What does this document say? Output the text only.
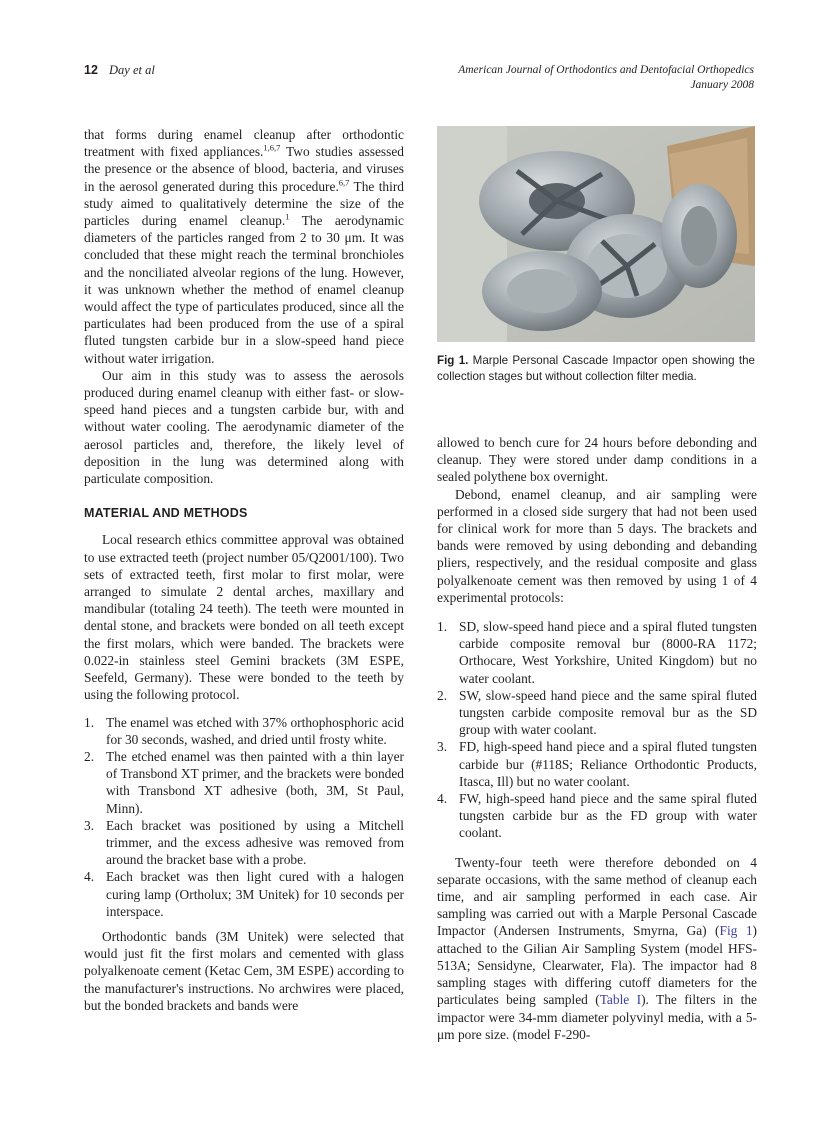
12 Day et al	American Journal of Orthodontics and Dentofacial Orthopedics
January 2008

that forms during enamel cleanup after orthodontic treatment with fixed appliances.$^{1,6,7}$ Two studies assessed the presence or the absence of blood, bacteria, and viruses in the aerosol generated during this procedure.$^{6,7}$ The third study aimed to qualitatively determine the size of the particles during enamel cleanup.$^1$ The aerodynamic diameters of the particles ranged from 2 to 30 μm. It was concluded that these might reach the terminal bronchioles and the nonciliated alveolar regions of the lung. However, it was unknown whether the method of enamel cleanup would affect the type of particulates produced, since all the particulates had been produced from the use of a spiral fluted tungsten carbide bur in a slow-speed hand piece without water irrigation.

Our aim in this study was to assess the aerosols produced during enamel cleanup with either fast- or slow-speed hand pieces and a tungsten carbide bur, with and without water cooling. The aerodynamic diameter of the aerosol particles and, therefore, the likely level of deposition in the lung was determined along with particulate composition.

MATERIAL AND METHODS

Local research ethics committee approval was obtained to use extracted teeth (project number 05/Q2001/100). Two sets of extracted teeth, first molar to first molar, were arranged to simulate 2 dental arches, maxillary and mandibular (totaling 24 teeth). The teeth were mounted in dental stone, and brackets were bonded on all teeth except the first molars, which were banded. The brackets were 0.022-in stainless steel Gemini brackets (3M ESPE, Seefeld, Germany). These were bonded to the teeth by using the following protocol.

1. The enamel was etched with 37% orthophosphoric acid for 30 seconds, washed, and dried until frosty white.
2. The etched enamel was then painted with a thin layer of Transbond XT primer, and the brackets were bonded with Transbond XT adhesive (both, 3M, St Paul, Minn).
3. Each bracket was positioned by using a Mitchell trimmer, and the excess adhesive was removed from around the bracket base with a probe.
4. Each bracket was then light cured with a halogen curing lamp (Ortholux; 3M Unitek) for 10 seconds per interspace.

Orthodontic bands (3M Unitek) were selected that would just fit the first molars and cemented with glass polyalkenoate cement (Ketac Cem, 3M ESPE) according to the manufacturer's instructions. No archwires were placed, but the bonded brackets and bands were

Fig 1. Marple Personal Cascade Impactor open showing the collection stages but without collection filter media.

allowed to bench cure for 24 hours before debonding and cleanup. They were stored under damp conditions in a sealed polythene box overnight.

Debond, enamel cleanup, and air sampling were performed in a closed side surgery that had not been used for clinical work for more than 5 days. The brackets and bands were removed by using debonding and debanding pliers, respectively, and the residual composite and glass polyalkenoate cement was then removed by using 1 of 4 experimental protocols:

1. SD, slow-speed hand piece and a spiral fluted tungsten carbide composite removal bur (8000-RA 1172; Orthocare, West Yorkshire, United Kingdom) but no water coolant.
2. SW, slow-speed hand piece and the same spiral fluted tungsten carbide composite removal bur as the SD group with water coolant.
3. FD, high-speed hand piece and a spiral fluted tungsten carbide bur (#118S; Reliance Orthodontic Products, Itasca, Ill) but no water coolant.
4. FW, high-speed hand piece and the same spiral fluted tungsten carbide bur as the FD group with water coolant.

Twenty-four teeth were therefore debonded on 4 separate occasions, with the same method of cleanup each time, and air sampling performed in each case. Air sampling was carried out with a Marple Personal Cascade Impactor (Andersen Instruments, Smyrna, Ga) (Fig 1) attached to the Gilian Air Sampling System (model HFS-513A; Sensidyne, Clearwater, Fla). The impactor had 8 sampling stages with differing cutoff diameters for the particulates being sampled (Table I). The filters in the impactor were 34-mm diameter polyvinyl media, with a 5-μm pore size. (model F-290-
